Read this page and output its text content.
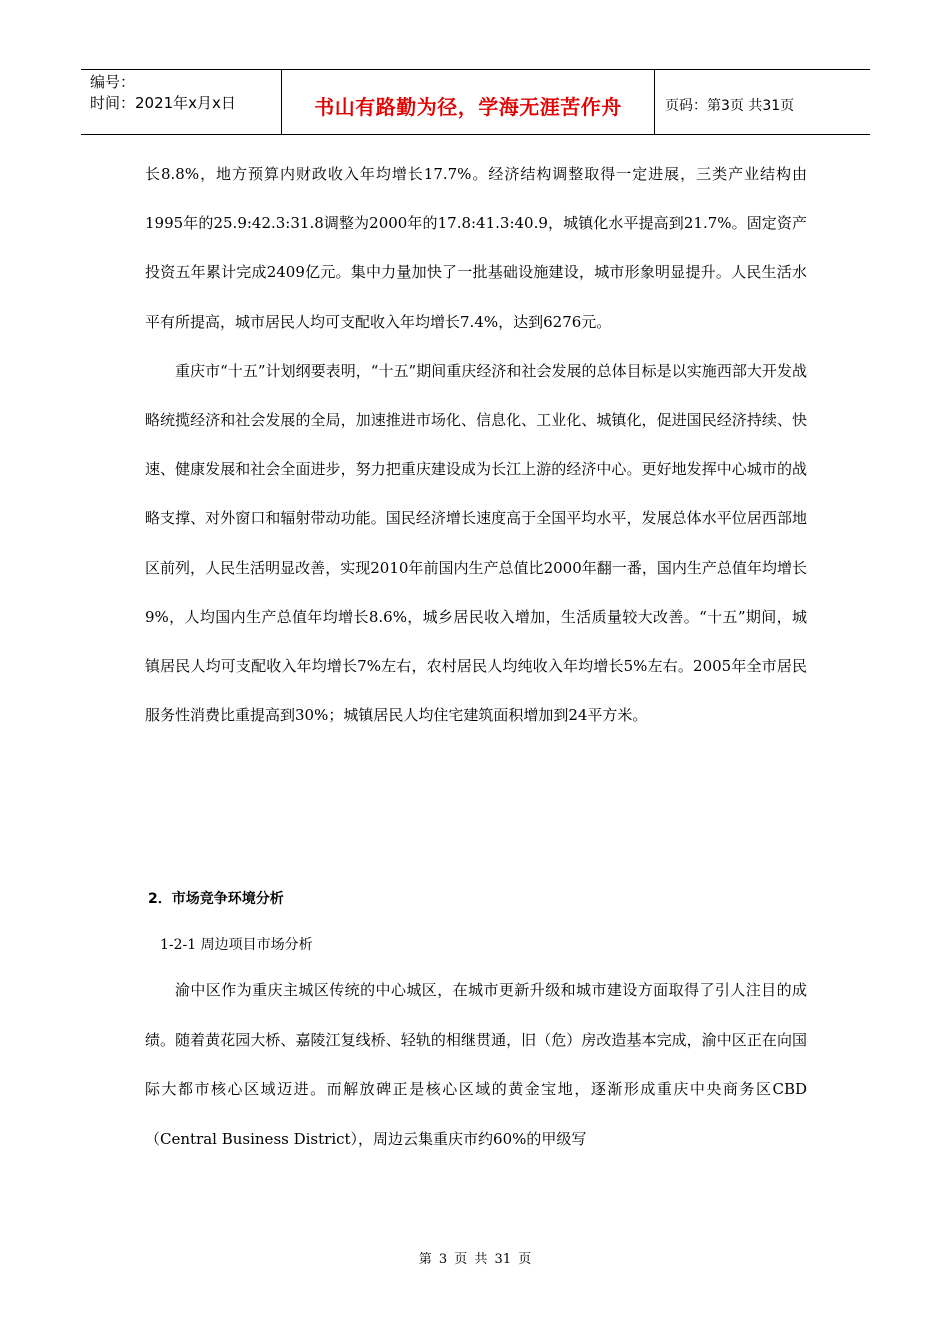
编号：
时间：2021年x月x日	书山有路勤为径，学海无涯苦作舟	页码：第3页 共31页

长8.8%，地方预算内财政收入年均增长17.7%。经济结构调整取得一定进展，三类产业结构由1995年的25.9:42.3:31.8调整为2000年的17.8:41.3:40.9，城镇化水平提高到21.7%。固定资产投资五年累计完成2409亿元。集中力量加快了一批基础设施建设，城市形象明显提升。人民生活水平有所提高，城市居民人均可支配收入年均增长7.4%，达到6276元。

重庆市“十五”计划纲要表明，“十五”期间重庆经济和社会发展的总体目标是以实施西部大开发战略统揽经济和社会发展的全局，加速推进市场化、信息化、工业化、城镇化，促进国民经济持续、快速、健康发展和社会全面进步，努力把重庆建设成为长江上游的经济中心。更好地发挥中心城市的战略支撑、对外窗口和辐射带动功能。国民经济增长速度高于全国平均水平，发展总体水平位居西部地区前列，人民生活明显改善，实现2010年前国内生产总值比2000年翻一番，国内生产总值年均增长9%，人均国内生产总值年均增长8.6%，城乡居民收入增加，生活质量较大改善。“十五”期间，城镇居民人均可支配收入年均增长7%左右，农村居民人均纯收入年均增长5%左右。2005年全市居民服务性消费比重提高到30%；城镇居民人均住宅建筑面积增加到24平方米。

2．市场竞争环境分析
1-2-1 周边项目市场分析

渝中区作为重庆主城区传统的中心城区，在城市更新升级和城市建设方面取得了引人注目的成绩。随着黄花园大桥、嘉陵江复线桥、轻轨的相继贯通，旧（危）房改造基本完成，渝中区正在向国际大都市核心区域迈进。而解放碑正是核心区域的黄金宝地，逐渐形成重庆中央商务区CBD（Central Business District），周边云集重庆市约60%的甲级写

第 3 页 共 31 页
